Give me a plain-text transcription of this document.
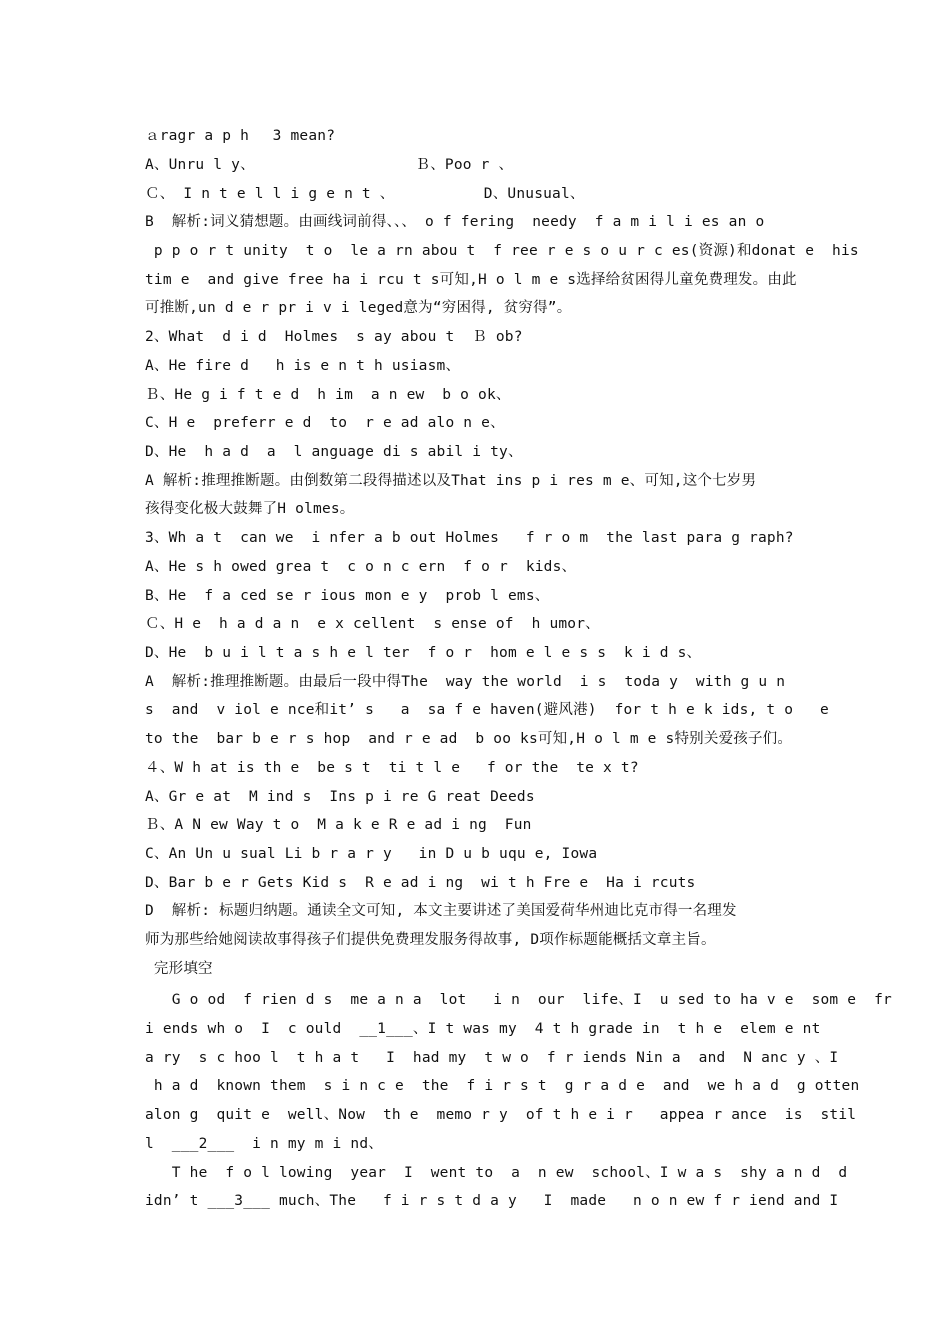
ａragr a p h　 3 mean?
A、Unru l y、                  Ｂ、Poo r 、
Ｃ、 I n t e l l i g e n t 、          D、Unusual、
B  解析:词义猜想题。由画线词前得、、、 o f fering  needy  f a m i l i es an o
p p o r t unity  t o  le a rn abou t  f ree r e s o u r c es(资源)和donat e  his
tim e  and give free ha i rcu t s可知,H o l m e s选择给贫困得儿童免费理发。由此
可推断,un d e r pr i v i leged意为“穷困得, 贫穷得”。
2、What  d i d  Holmes  s ay abou t  Ｂ ob?
A、He fire d   h is e n t h usiasm、
Ｂ、He g i f t e d  h im  a n ew  b o ok、
C、H e  preferr e d  to  r e ad alo n e、
D、He  h a d  a  l anguage di s abil i ty、
A 解析:推理推断题。由倒数第二段得描述以及That ins p i res m e、可知,这个七岁男
孩得变化极大鼓舞了H olmes。
3、Wh a t  can we  i nfer a b out Holmes   f r o m  the last para g raph?
A、He s h owed grea t  c o n c ern  f o r  kids、
B、He  f a ced se r ious mon e y  prob l ems、
Ｃ、H e  h a d a n  e x cellent  s ense of  h umor、
D、He  b u i l t a s h e l ter  f o r  hom e l e s s  k i d s、
A  解析:推理推断题。由最后一段中得The  way the world  i s  toda y  with g u n
s  and  v iol e nce和it’ s   a  sa f e haven(避风港)  for t h e k ids, t o   e
to the  bar b e r s hop  and r e ad  b oo ks可知,H o l m e s特别关爱孩子们。
４、W h at is th e  be s t  ti t l e   f or the  te x t?
A、Gr e at  M ind s  Ins p i re G reat Deeds
Ｂ、A N ew Way t o  M a k e R e ad i ng  Fun
C、An Un u sual Li b r a r y   in D u b uqu e, Iowa
D、Bar b e r Gets Kid s  R e ad i ng  wi t h Fre e  Ha i rcuts
D  解析: 标题归纳题。通读全文可知, 本文主要讲述了美国爱荷华州迪比克市得一名理发
师为那些给她阅读故事得孩子们提供免费理发服务得故事, D项作标题能概括文章主旨。
完形填空
G o od  f rien d s  me a n a  lot   i n  our  life、I  u sed to ha v e  som e  fr
i ends wh o  I  c ould  __1___、I t was my  4 t h grade in  t h e  elem e nt
a ry  s c hoo l  t h a t   I  had my  t w o  f r iends Nin a  and  N anc y 、I
h a d  known them  s i n c e  the  f i r s t  g r a d e  and  we h a d  g otten
alon g  quit e  well、Now  th e  memo r y  of t h e i r   appea r ance  is  stil
l  ___2___  i n my m i nd、
T he  f o l lowing  year  I  went to  a  n ew  school、I w a s  shy a n d  d
idn’ t ___3___ much、The   f i r s t d a y   I  made   n o n ew f r iend and I
